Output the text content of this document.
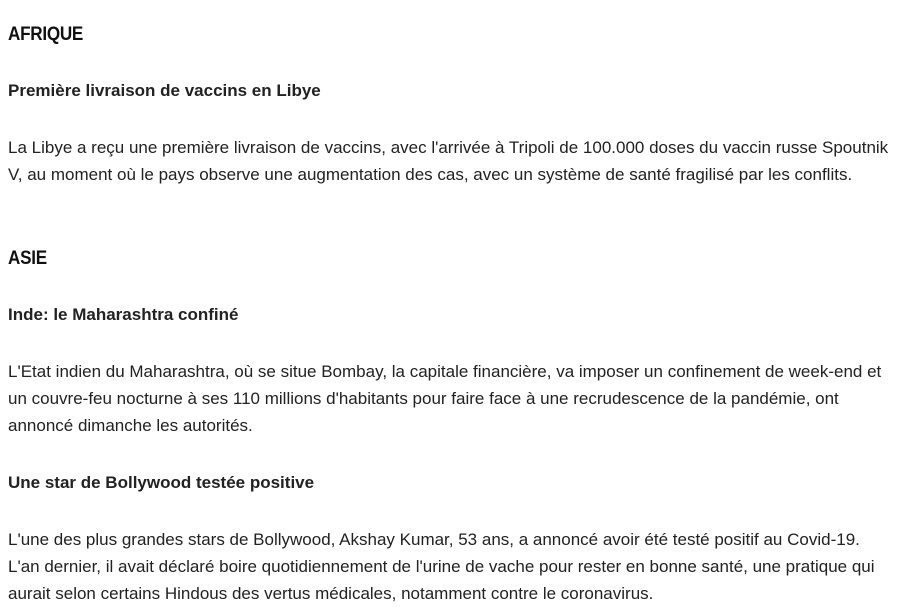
AFRIQUE
Première livraison de vaccins en Libye

La Libye a reçu une première livraison de vaccins, avec l'arrivée à Tripoli de 100.000 doses du vaccin russe Spoutnik V, au moment où le pays observe une augmentation des cas, avec un système de santé fragilisé par les conflits.

ASIE
Inde: le Maharashtra confiné

L'Etat indien du Maharashtra, où se situe Bombay, la capitale financière, va imposer un confinement de week-end et un couvre-feu nocturne à ses 110 millions d'habitants pour faire face à une recrudescence de la pandémie, ont annoncé dimanche les autorités.

Une star de Bollywood testée positive

L'une des plus grandes stars de Bollywood, Akshay Kumar, 53 ans, a annoncé avoir été testé positif au Covid-19. L'an dernier, il avait déclaré boire quotidiennement de l'urine de vache pour rester en bonne santé, une pratique qui aurait selon certains Hindous des vertus médicales, notamment contre le coronavirus.
